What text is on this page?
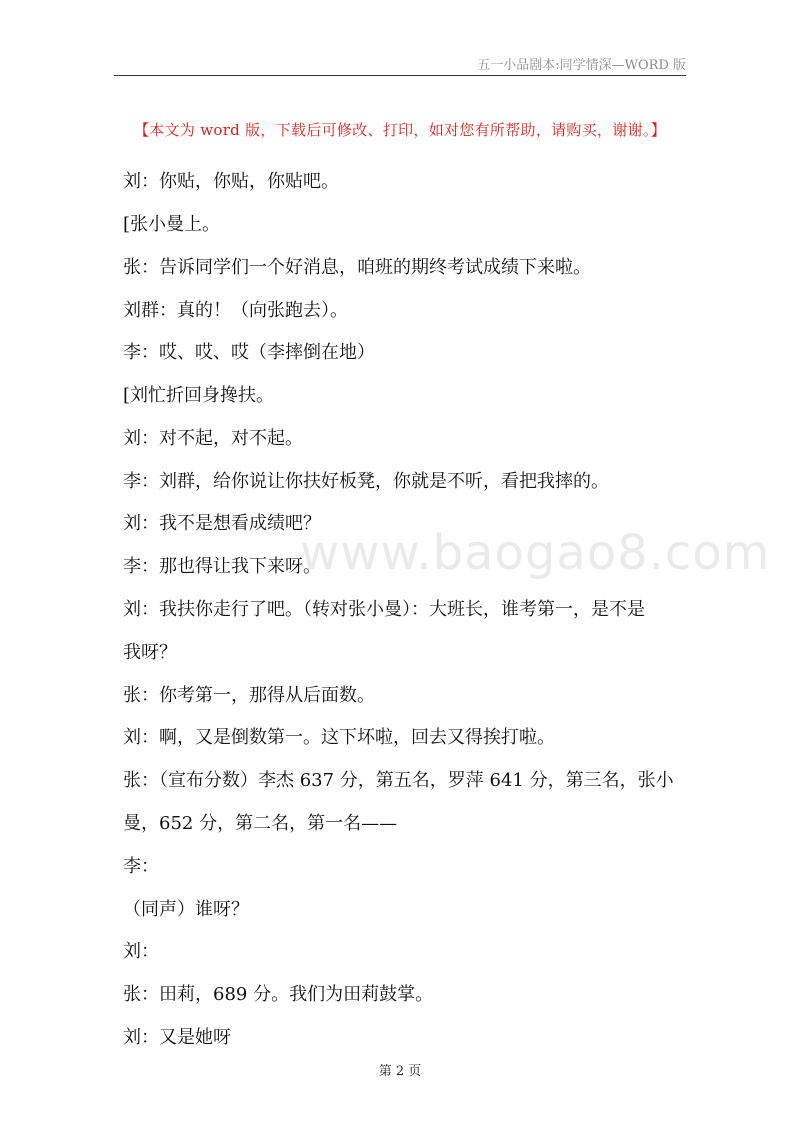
五一小品剧本:同学情深—WORD 版
【本文为 word 版，下载后可修改、打印，如对您有所帮助，请购买，谢谢。】
刘：你贴，你贴，你贴吧。
[张小曼上。
张：告诉同学们一个好消息，咱班的期终考试成绩下来啦。
刘群：真的！（向张跑去）。
李：哎、哎、哎（李摔倒在地）
[刘忙折回身搀扶。
刘：对不起，对不起。
李：刘群，给你说让你扶好板凳，你就是不听，看把我摔的。
刘：我不是想看成绩吧？
李：那也得让我下来呀。
刘：我扶你走行了吧。（转对张小曼）：大班长，谁考第一，是不是
我呀？
张：你考第一，那得从后面数。
刘：啊，又是倒数第一。这下坏啦，回去又得挨打啦。
张：（宣布分数）李杰 637 分，第五名，罗萍 641 分，第三名，张小
曼，652 分，第二名，第一名——
李：
（同声）谁呀？
刘：
张：田莉，689 分。我们为田莉鼓掌。
刘：又是她呀
www.baogao8.com
第 2 页
